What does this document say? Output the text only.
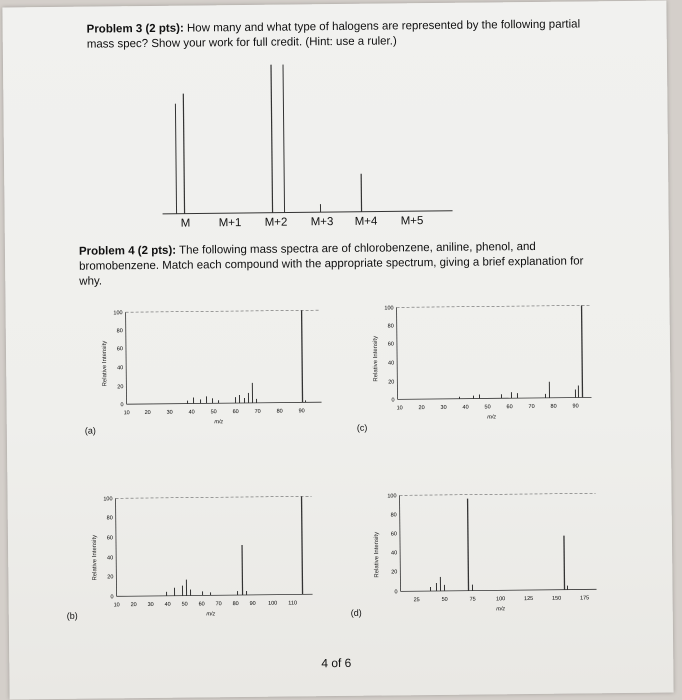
Problem 3 (2 pts): How many and what type of halogens are represented by the following partial mass spec? Show your work for full credit. (Hint: use a ruler.)
M M+1 M+2 M+3 M+4 M+5
Problem 4 (2 pts): The following mass spectra are of chlorobenzene, aniline, phenol, and bromobenzene. Match each compound with the appropriate spectrum, giving a brief explanation for why.
Relative Intensity
100
80
60
40
20
0
10	20	30	40	50	60	70	80	90
m/z
(a)
Relative Intensity
100
80
60
40
20
0
10	20	30	40	50	60	70	80	90
m/z
(c)
Relative Intensity
100
80
60
40
20
0
10 20 30 40 50 60 70 80 90 100 110
m/z
(b)
Relative Intensity
100
80
60
40
20
0
25	50	75	100	125	150	175
m/z
(d)
4 of 6
